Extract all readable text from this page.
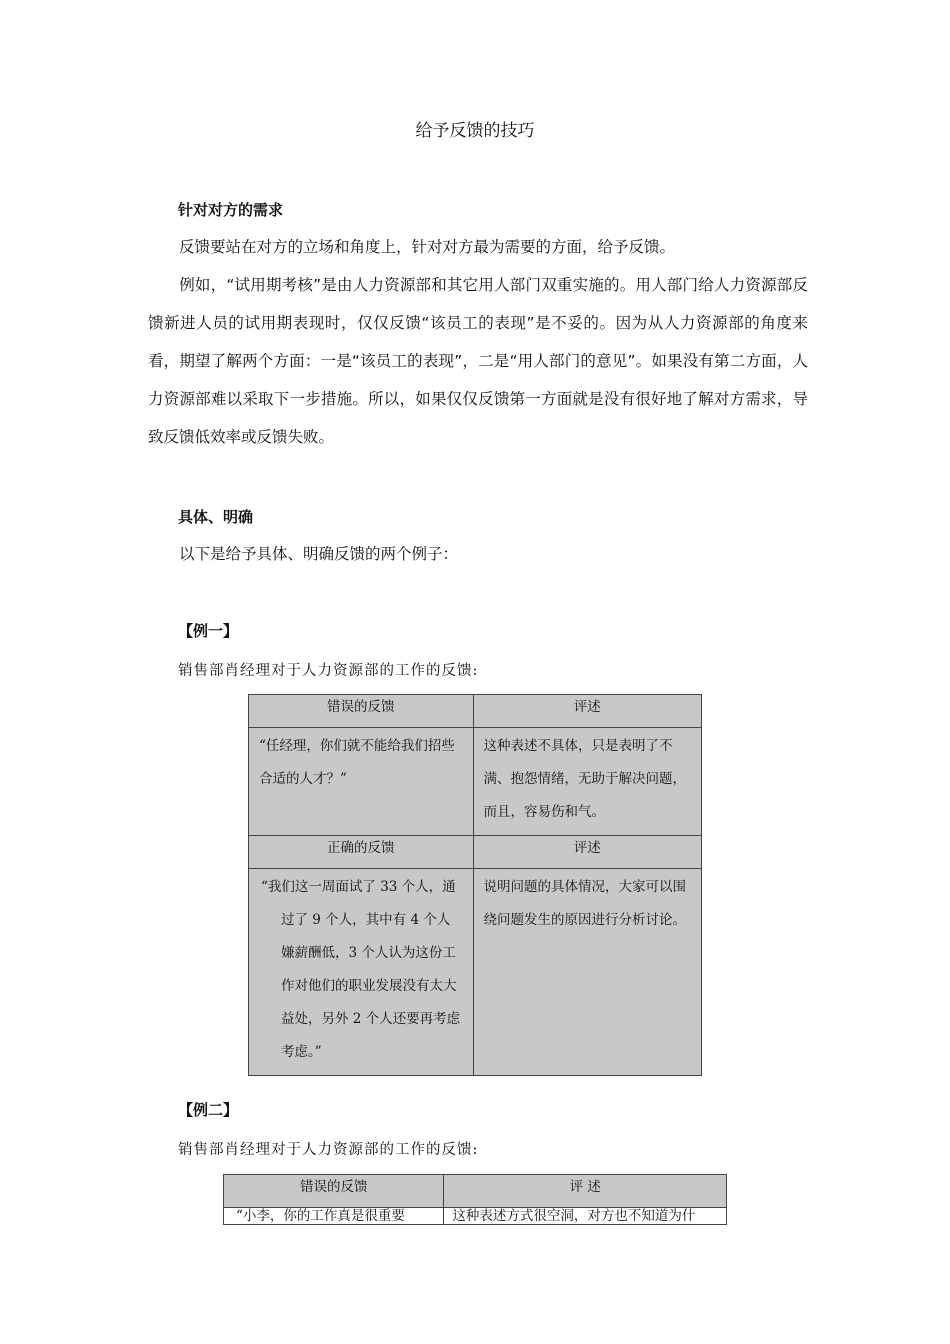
给予反馈的技巧
针对对方的需求
反馈要站在对方的立场和角度上，针对对方最为需要的方面，给予反馈。
例如，“试用期考核”是由人力资源部和其它用人部门双重实施的。用人部门给人力资源部反馈新进人员的试用期表现时，仅仅反馈“该员工的表现”是不妥的。因为从人力资源部的角度来看，期望了解两个方面：一是“该员工的表现”，二是“用人部门的意见”。如果没有第二方面，人力资源部难以采取下一步措施。所以，如果仅仅反馈第一方面就是没有很好地了解对方需求，导致反馈低效率或反馈失败。
具体、明确
以下是给予具体、明确反馈的两个例子：
【例一】
销售部肖经理对于人力资源部的工作的反馈:
错误的反馈	评述

“任经理，你们就不能给我们招些合适的人才？”	这种表述不具体，只是表明了不满、抱怨情绪，无助于解决问题，而且，容易伤和气。

正确的反馈	评述

“我们这一周面试了 33 个人，通过了 9 个人，其中有 4 个人嫌薪酬低，3 个人认为这份工作对他们的职业发展没有太大益处，另外 2 个人还要再考虑考虑。”	说明问题的具体情况，大家可以围绕问题发生的原因进行分析讨论。
【例二】
销售部肖经理对于人力资源部的工作的反馈:
错误的反馈	评 述

“小李，你的工作真是很重要	这种表述方式很空洞，对方也不知道为什
